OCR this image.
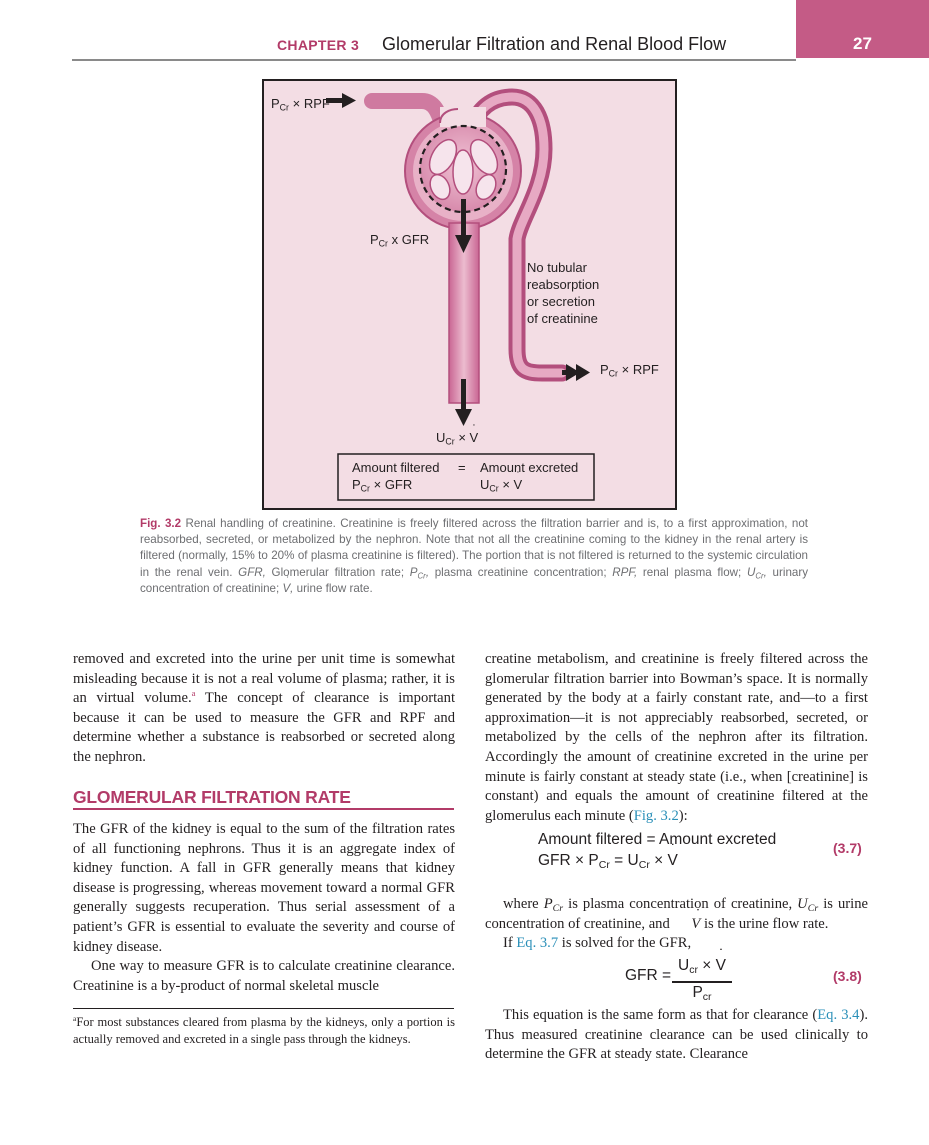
27
CHAPTER 3 Glomerular Filtration and Renal Blood Flow
$P_{Cr}$ × RPF
$P_{Cr}$ x GFR
No tubular
reabsorption
or secretion
of creatinine
$P_{Cr}$ × RPF
$U_{Cr} \times V$ ˙
Amount filtered = Amount excreted
$P_{Cr}$ × GFR	$U_{Cr} \times V$ ˙
Fig. 3.2 Renal handling of creatinine. Creatinine is freely filtered across the filtration barrier and is, to a first approximation, not reabsorbed, secreted, or metabolized by the nephron. Note that not all the creatinine coming to the kidney in the renal artery is filtered (normally, 15% to 20% of plasma creatinine is filtered). The portion that is not filtered is returned to the systemic circulation in the renal vein. GFR, Glomerular filtration rate; $P_{Cr}$, plasma creatinine concentration; RPF, renal plasma flow; $U_{Cr}$, urinary concentration of creatinine; V ˙, urine flow rate.

removed and excreted into the urine per unit time is somewhat misleading because it is not a real volume of plasma; rather, it is an virtual volume.$^a$ The concept of clearance is important because it can be used to measure the GFR and RPF and determine whether a substance is reabsorbed or secreted along the nephron.

GLOMERULAR FILTRATION RATE

The GFR of the kidney is equal to the sum of the filtration rates of all functioning nephrons. Thus it is an aggregate index of kidney function. A fall in GFR generally means that kidney disease is progressing, whereas movement toward a normal GFR generally suggests recuperation. Thus serial assessment of a patient’s GFR is essential to evaluate the severity and course of kidney disease.

One way to measure GFR is to calculate creatinine clearance. Creatinine is a by-product of normal skeletal muscle

$^a$For most substances cleared from plasma by the kidneys, only a portion is actually removed and excreted in a single pass through the kidneys.

creatine metabolism, and creatinine is freely filtered across the glomerular filtration barrier into Bowman’s space. It is normally generated by the body at a fairly constant rate, and—to a first approximation—it is not appreciably reabsorbed, secreted, or metabolized by the cells of the nephron after its filtration. Accordingly the amount of creatinine excreted in the urine per minute is fairly constant at steady state (i.e., when [creatinine] is constant) and equals the amount of creatinine filtered at the glomerulus each minute (Fig. 3.2):

Amount filtered = Amount excreted
GFR × $P_{Cr} = U_{Cr} \times V$ ˙
(3.7)

where $P_{Cr}$ is plasma concentration of creatinine, $U_{Cr}$ is urine concentration of creatinine, and V ˙ is the urine flow rate.

If Eq. 3.7 is solved for the GFR,

GFR =
$U_{cr} \times V$ ˙
$P_{cr}$
(3.8)

This equation is the same form as that for clearance (Eq. 3.4). Thus measured creatinine clearance can be used clinically to determine the GFR at steady state. Clearance
